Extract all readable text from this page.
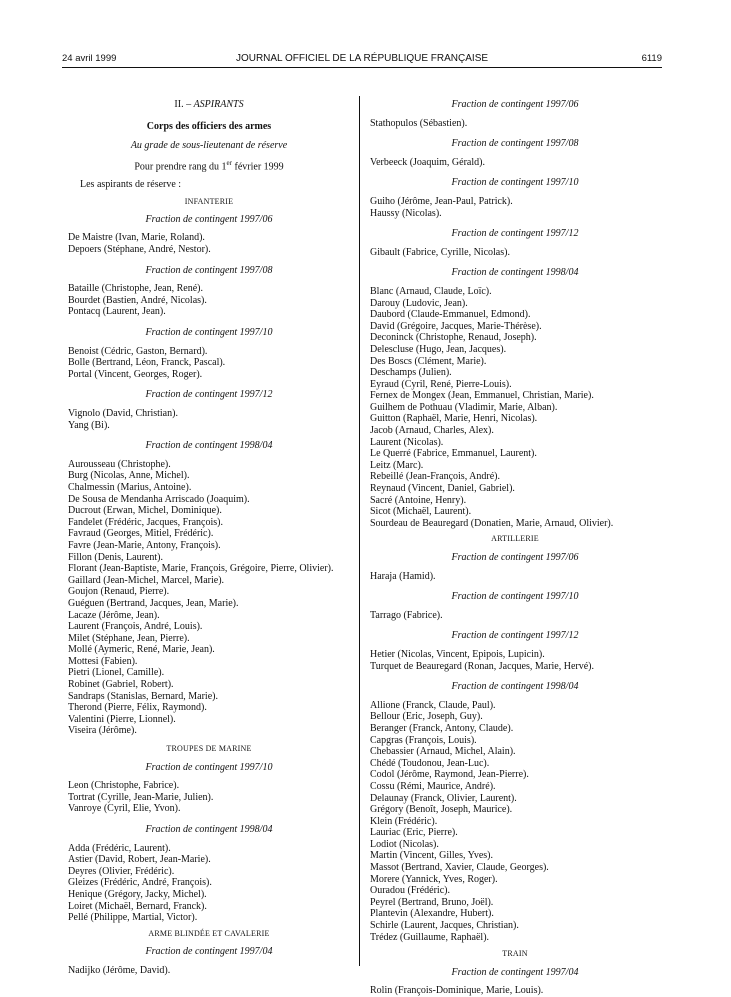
24 avril 1999	JOURNAL OFFICIEL DE LA RÉPUBLIQUE FRANÇAISE	6119
II. – ASPIRANTS
Corps des officiers des armes
Au grade de sous-lieutenant de réserve
Pour prendre rang du 1er février 1999
Les aspirants de réserve :
INFANTERIE
Fraction de contingent 1997/06
De Maistre (Ivan, Marie, Roland).
Depoers (Stéphane, André, Nestor).
Fraction de contingent 1997/08
Bataille (Christophe, Jean, René).
Bourdet (Bastien, André, Nicolas).
Pontacq (Laurent, Jean).
Fraction de contingent 1997/10
Benoist (Cédric, Gaston, Bernard).
Bolle (Bertrand, Léon, Franck, Pascal).
Portal (Vincent, Georges, Roger).
Fraction de contingent 1997/12
Vignolo (David, Christian).
Yang (Bi).
Fraction de contingent 1998/04
Aurousseau (Christophe).
Burg (Nicolas, Anne, Michel).
Chalmessin (Marius, Antoine).
De Sousa de Mendanha Arriscado (Joaquim).
Ducrout (Erwan, Michel, Dominique).
Fandelet (Frédéric, Jacques, François).
Favraud (Georges, Mitiel, Frédéric).
Favre (Jean-Marie, Antony, François).
Fillon (Denis, Laurent).
Florant (Jean-Baptiste, Marie, François, Grégoire, Pierre, Olivier).
Gaillard (Jean-Michel, Marcel, Marie).
Goujon (Renaud, Pierre).
Guéguen (Bertrand, Jacques, Jean, Marie).
Lacaze (Jérôme, Jean).
Laurent (François, André, Louis).
Milet (Stéphane, Jean, Pierre).
Mollé (Aymeric, René, Marie, Jean).
Mottesi (Fabien).
Pietri (Lionel, Camille).
Robinet (Gabriel, Robert).
Sandraps (Stanislas, Bernard, Marie).
Therond (Pierre, Félix, Raymond).
Valentini (Pierre, Lionnel).
Viseira (Jérôme).
TROUPES DE MARINE
Fraction de contingent 1997/10
Leon (Christophe, Fabrice).
Tortrat (Cyrille, Jean-Marie, Julien).
Vanroye (Cyril, Elie, Yvon).
Fraction de contingent 1998/04
Adda (Frédéric, Laurent).
Astier (David, Robert, Jean-Marie).
Deyres (Olivier, Frédéric).
Gleizes (Frédéric, André, François).
Henique (Grégory, Jacky, Michel).
Loiret (Michaël, Bernard, Franck).
Pellé (Philippe, Martial, Victor).
ARME BLINDÉE ET CAVALERIE
Fraction de contingent 1997/04
Nadijko (Jérôme, David).
Fraction de contingent 1997/06
Stathopulos (Sébastien).
Fraction de contingent 1997/08
Verbeeck (Joaquim, Gérald).
Fraction de contingent 1997/10
Guiho (Jérôme, Jean-Paul, Patrick).
Haussy (Nicolas).
Fraction de contingent 1997/12
Gibault (Fabrice, Cyrille, Nicolas).
Fraction de contingent 1998/04
Blanc (Arnaud, Claude, Loïc).
Darouy (Ludovic, Jean).
Daubord (Claude-Emmanuel, Edmond).
David (Grégoire, Jacques, Marie-Thérèse).
Deconinck (Christophe, Renaud, Joseph).
Delescluse (Hugo, Jean, Jacques).
Des Boscs (Clément, Marie).
Deschamps (Julien).
Eyraud (Cyril, René, Pierre-Louis).
Fernex de Mongex (Jean, Emmanuel, Christian, Marie).
Guilhem de Pothuau (Vladimir, Marie, Alban).
Guitton (Raphaël, Marie, Henri, Nicolas).
Jacob (Arnaud, Charles, Alex).
Laurent (Nicolas).
Le Querré (Fabrice, Emmanuel, Laurent).
Leitz (Marc).
Rebeillé (Jean-François, André).
Reynaud (Vincent, Daniel, Gabriel).
Sacré (Antoine, Henry).
Sicot (Michaël, Laurent).
Sourdeau de Beauregard (Donatien, Marie, Arnaud, Olivier).
ARTILLERIE
Fraction de contingent 1997/06
Haraja (Hamid).
Fraction de contingent 1997/10
Tarrago (Fabrice).
Fraction de contingent 1997/12
Hetier (Nicolas, Vincent, Epipois, Lupicin).
Turquet de Beauregard (Ronan, Jacques, Marie, Hervé).
Fraction de contingent 1998/04
Allione (Franck, Claude, Paul).
Bellour (Eric, Joseph, Guy).
Beranger (Franck, Antony, Claude).
Capgras (François, Louis).
Chebassier (Arnaud, Michel, Alain).
Chédé (Toudonou, Jean-Luc).
Codol (Jérôme, Raymond, Jean-Pierre).
Cossu (Rémi, Maurice, André).
Delaunay (Franck, Olivier, Laurent).
Grégory (Benoît, Joseph, Maurice).
Klein (Frédéric).
Lauriac (Eric, Pierre).
Lodiot (Nicolas).
Martin (Vincent, Gilles, Yves).
Massot (Bertrand, Xavier, Claude, Georges).
Morere (Yannick, Yves, Roger).
Ouradou (Frédéric).
Peyrel (Bertrand, Bruno, Joël).
Plantevin (Alexandre, Hubert).
Schirle (Laurent, Jacques, Christian).
Trédez (Guillaume, Raphaël).
TRAIN
Fraction de contingent 1997/04
Rolin (François-Dominique, Marie, Louis).
